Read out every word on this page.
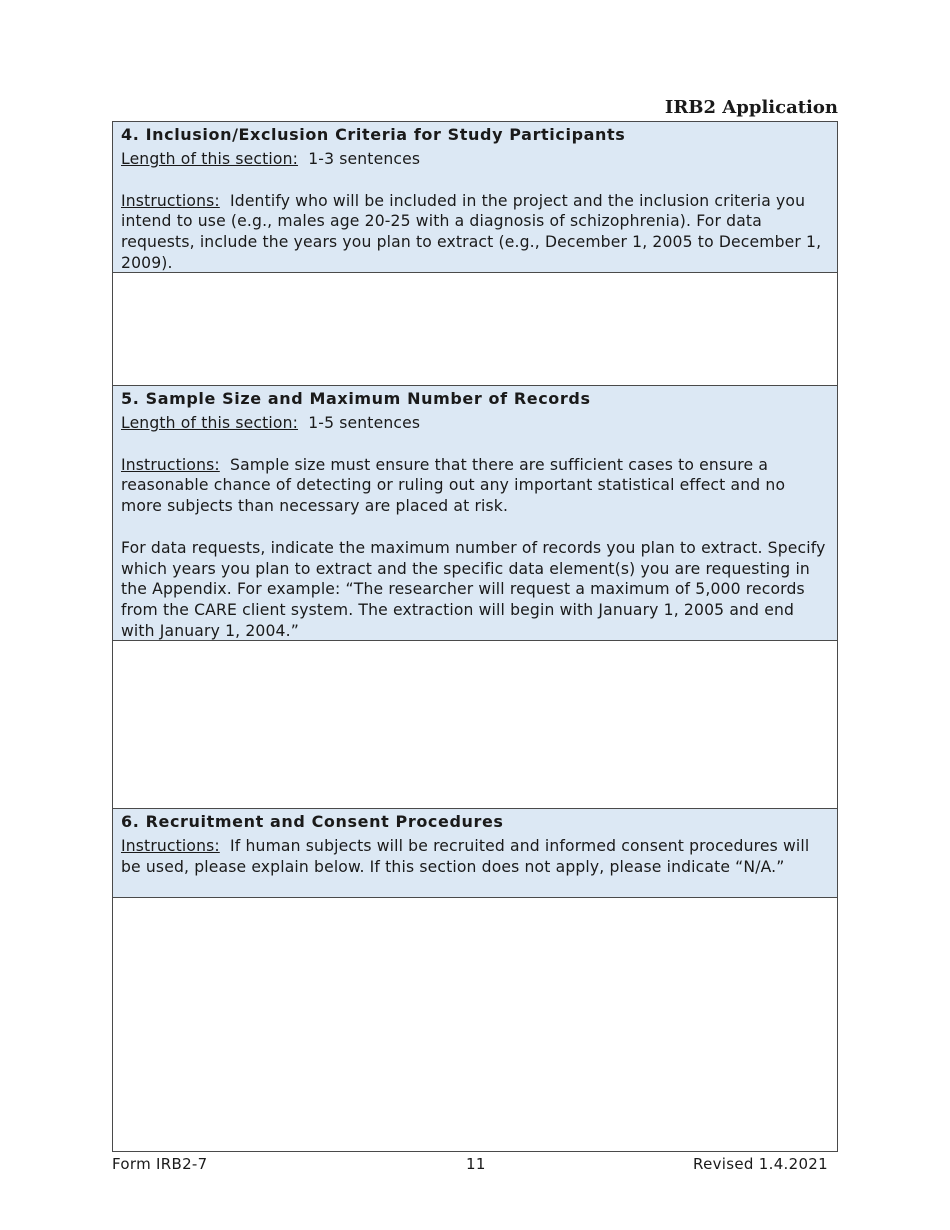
IRB2 Application
4. Inclusion/Exclusion Criteria for Study Participants

Length of this section: 1-3 sentences

Instructions: Identify who will be included in the project and the inclusion criteria you intend to use (e.g., males age 20-25 with a diagnosis of schizophrenia). For data requests, include the years you plan to extract (e.g., December 1, 2005 to December 1, 2009).

5. Sample Size and Maximum Number of Records

Length of this section: 1-5 sentences

Instructions: Sample size must ensure that there are sufficient cases to ensure a reasonable chance of detecting or ruling out any important statistical effect and no more subjects than necessary are placed at risk.

For data requests, indicate the maximum number of records you plan to extract. Specify which years you plan to extract and the specific data element(s) you are requesting in the Appendix. For example: “The researcher will request a maximum of 5,000 records from the CARE client system. The extraction will begin with January 1, 2005 and end with January 1, 2004.”

6. Recruitment and Consent Procedures

Instructions: If human subjects will be recruited and informed consent procedures will be used, please explain below. If this section does not apply, please indicate “N/A.”

Form IRB2-7	11	Revised 1.4.2021
